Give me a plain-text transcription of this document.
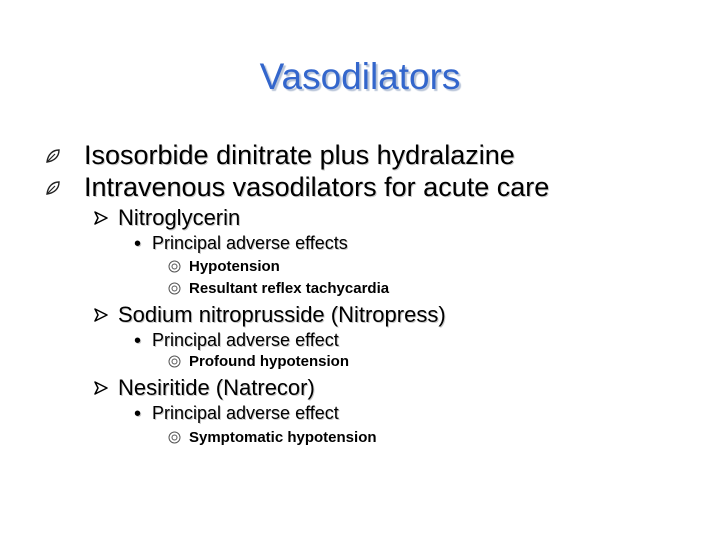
Vasodilators
Isosorbide dinitrate plus hydralazine
Intravenous vasodilators for acute care
Nitroglycerin
• Principal adverse effects
Hypotension
Resultant reflex tachycardia
Sodium nitroprusside (Nitropress)
• Principal adverse effect
Profound hypotension
Nesiritide (Natrecor)
• Principal adverse effect
Symptomatic hypotension
